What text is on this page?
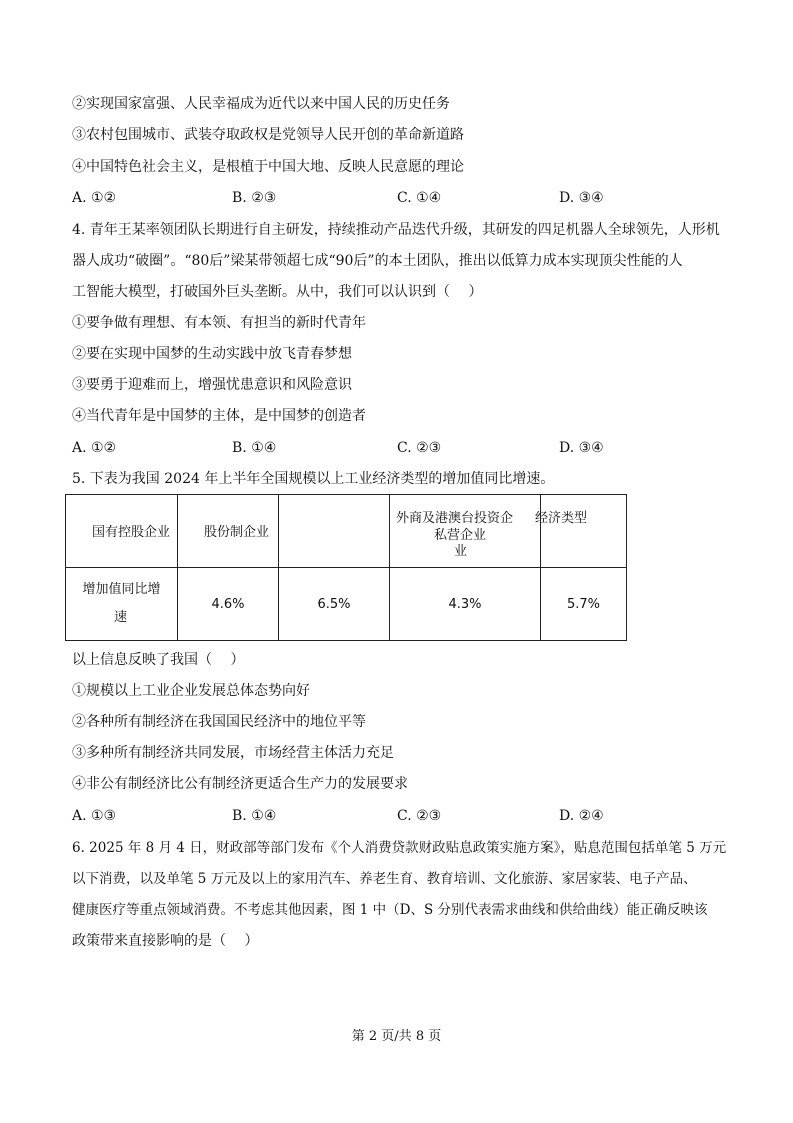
②实现国家富强、人民幸福成为近代以来中国人民的历史任务
③农村包围城市、武装夺取政权是党领导人民开创的革命新道路
④中国特色社会主义，是根植于中国大地、反映人民意愿的理论
A. ①②	B. ②③	C. ①④	D. ③④
4. 青年王某率领团队长期进行自主研发，持续推动产品迭代升级，其研发的四足机器人全球领先，人形机
器人成功“破圈”。“80后”梁某带领超七成“90后”的本土团队，推出以低算力成本实现顶尖性能的人
工智能大模型，打破国外巨头垄断。从中，我们可以认识到（　 ）
①要争做有理想、有本领、有担当的新时代青年
②要在实现中国梦的生动实践中放飞青春梦想
③要勇于迎难而上，增强忧患意识和风险意识
④当代青年是中国梦的主体，是中国梦的创造者
A. ①②	B. ①④	C. ②③	D. ③④
5. 下表为我国 2024 年上半年全国规模以上工业经济类型的增加值同比增速。
国有控股企业	股份制企业		外商及港澳台投资企
私营企业
业	经济类型

增加值同比增
速	4.6%	6.5%	4.3%	5.7%
以上信息反映了我国（　 ）
①规模以上工业企业发展总体态势向好
②各种所有制经济在我国国民经济中的地位平等
③多种所有制经济共同发展，市场经营主体活力充足
④非公有制经济比公有制经济更适合生产力的发展要求
A. ①③	B. ①④	C. ②③	D. ②④
6. 2025 年 8 月 4 日，财政部等部门发布《个人消费贷款财政贴息政策实施方案》，贴息范围包括单笔 5 万元
以下消费，以及单笔 5 万元及以上的家用汽车、养老生育、教育培训、文化旅游、家居家装、电子产品、
健康医疗等重点领域消费。不考虑其他因素，图 1 中（D、S 分别代表需求曲线和供给曲线）能正确反映该
政策带来直接影响的是（　 ）
第 2 页/共 8 页
